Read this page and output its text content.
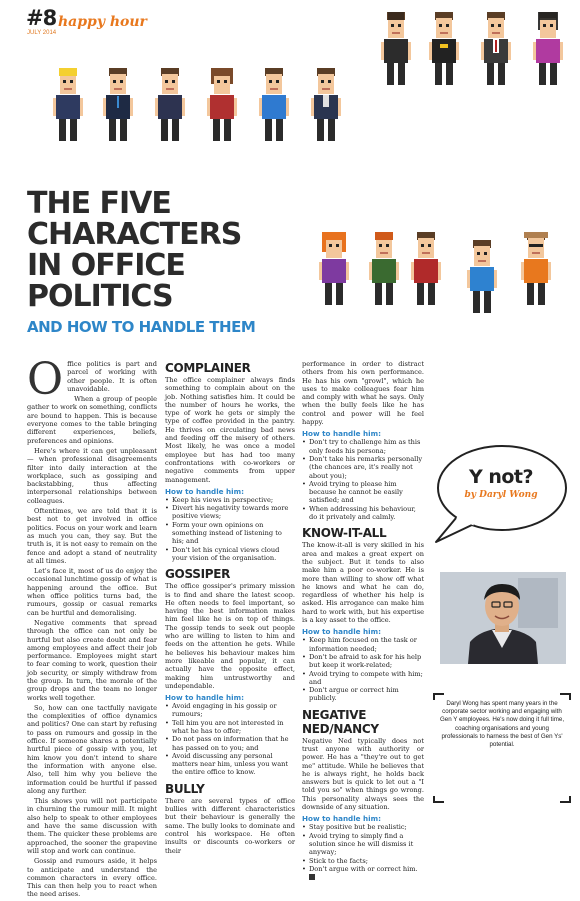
#8
JULY 2014
happy hour
THE FIVE
CHARACTERS
IN OFFICE
POLITICS
AND HOW TO HANDLE THEM

Office politics is part and parcel of working with other people. It is often unavoidable.

When a group of people gather to work on something, conflicts are bound to happen. This is because everyone comes to the table bringing different experiences, beliefs, preferences and opinions.

Here's where it can get unpleasant — when professional disagreements filter into daily interaction at the workplace, such as gossiping and backstabbing, thus affecting interpersonal relationships between colleagues.

Oftentimes, we are told that it is best not to get involved in office politics. Focus on your work and learn as much you can, they say. But the truth is, it is not easy to remain on the fence and adopt a stand of neutrality at all times.

Let's face it, most of us do enjoy the occasional lunchtime gossip of what is happening around the office. But when office politics turns bad, the rumours, gossip or casual remarks can be hurtful and demoralising.

Negative comments that spread through the office can not only be hurtful but also create doubt and fear among employees and affect their job performance. Employees might start to fear coming to work, question their job security, or simply withdraw from the group. In turn, the morale of the group drops and the team no longer works well together.

So, how can one tactfully navigate the complexities of office dynamics and politics? One can start by refusing to pass on rumours and gossip in the office. If someone shares a potentially hurtful piece of gossip with you, let him know you don't intend to share the information with anyone else. Also, tell him why you believe the information could be hurtful if passed along any further.

This shows you will not participate in churning the rumour mill. It might also help to speak to other employees and have the same discussion with them. The quicker these problems are approached, the sooner the grapevine will stop and work can continue.

Gossip and rumours aside, it helps to anticipate and understand the common characters in every office. This can then help you to react when the need arises.

COMPLAINER

The office complainer always finds something to complain about on the job. Nothing satisfies him. It could be the number of hours he works, the type of work he gets or simply the type of coffee provided in the pantry. He thrives on circulating bad news and feeding off the misery of others. Most likely, he was once a model employee but has had too many confrontations with co-workers or negative comments from upper management.

How to handle him:
• Keep his views in perspective;
• Divert his negativity towards more positive views;
• Form your own opinions on something instead of listening to his; and
• Don't let his cynical views cloud your vision of the organisation.
GOSSIPER

The office gossiper's primary mission is to find and share the latest scoop. He often needs to feel important, so having the best information makes him feel like he is on top of things. The gossip tends to seek out people who are willing to listen to him and feeds on the attention he gets. While he believes his behaviour makes him more likeable and popular, it can actually have the opposite effect, making him untrustworthy and undependable.

How to handle him:
• Avoid engaging in his gossip or rumours;
• Tell him you are not interested in what he has to offer;
• Do not pass on information that he has passed on to you; and
• Avoid discussing any personal matters near him, unless you want the entire office to know.
BULLY

There are several types of office bullies with different characteristics but their behaviour is generally the same. The bully looks to dominate and control his workspace. He often insults or discounts co-workers or their

performance in order to distract others from his own performance. He has his own "growl", which he uses to make colleagues fear him and comply with what he says. Only when the bully feels like he has control and power will he feel happy.

How to handle him:
• Don't try to challenge him as this only feeds his persona;
• Don't take his remarks personally (the chances are, it's really not about you);
• Avoid trying to please him because he cannot be easily satisfied; and
• When addressing his behaviour, do it privately and calmly.
KNOW-IT-ALL

The know-it-all is very skilled in his area and makes a great expert on the subject. But it tends to also make him a poor co-worker. He is more than willing to show off what he knows and what he can do, regardless of whether his help is asked. His arrogance can make him hard to work with, but his expertise is a key asset to the office.

How to handle him:
• Keep him focused on the task or information needed;
• Don't be afraid to ask for his help but keep it work-related;
• Avoid trying to compete with him; and
• Don't argue or correct him publicly.
NEGATIVE NED/NANCY

Negative Ned typically does not trust anyone with authority or power. He has a "they're out to get me" attitude. While he believes that he is always right, he holds back answers but is quick to let out a "I told you so" when things go wrong. This personality always sees the downside of any situation.

How to handle him:
• Stay positive but be realistic;
• Avoid trying to simply find a solution since he will dismiss it anyway;
• Stick to the facts;
• Don't argue with or correct him.
Y not?
by Daryl Wong
Daryl Wong has spent many years in the corporate sector working and engaging with Gen Y employees. He's now doing it full time, coaching organisations and young professionals to harness the best of Gen Ys' potential.
